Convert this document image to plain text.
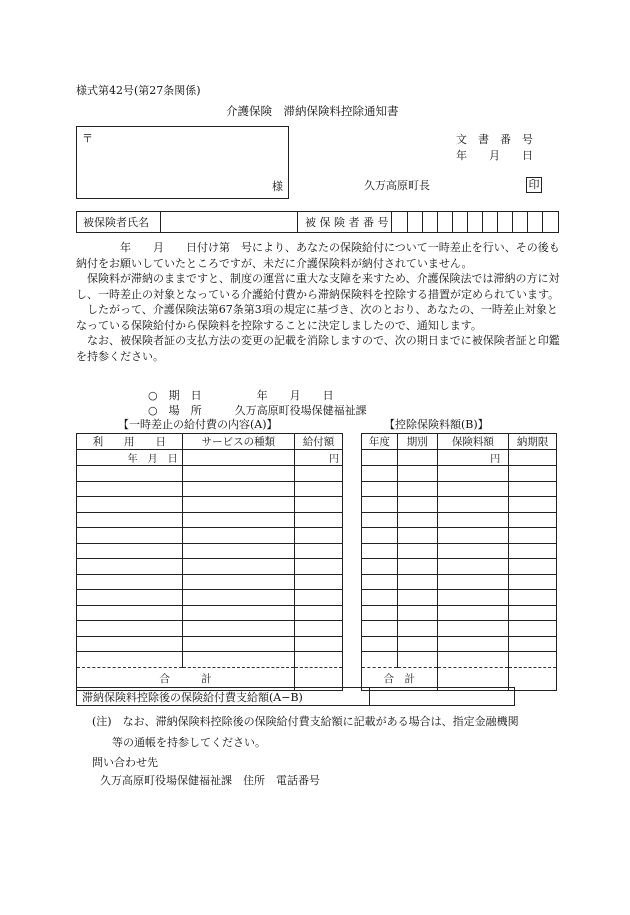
様式第42号(第27条関係)
介護保険　滞納保険料控除通知書
〒
様
文　書　番　号
年　　月　　日
久万高原町長	印
被保険者氏名	被 保 険 者 番 号

年　　月　　日付け第　号により、あなたの保険給付について一時差止を行い、その後も納付をお願いしていたところですが、未だに介護保険料が納付されていません。

保険料が滞納のままですと、制度の運営に重大な支障を来すため、介護保険法では滞納の方に対し、一時差止の対象となっている介護給付費から滞納保険料を控除する措置が定められています。

したがって、介護保険法第67条第3項の規定に基づき、次のとおり、あなたの、一時差止対象となっている保険給付から保険料を控除することに決定しましたので、通知します。

なお、被保険者証の支払方法の変更の記載を消除しますので、次の期日までに被保険者証と印鑑を持参ください。

○　期　日　　　　　年　　月　　日
○　場　所　　　久万高原町役場保健福祉課
【一時差止の給付費の内容(A)】	【控除保険料額(B)】
利　　用　　日	サービスの種類	給付額
年　月　日		円

合　　　計		
年度	期別	保険料額	納期限
		円	

合　計			
滞納保険料控除後の保険給付費支給額(A−B)
(注)　なお、滞納保険料控除後の保険給付費支給額に記載がある場合は、指定金融機関
等の通帳を持参してください。
問い合わせ先
久万高原町役場保健福祉課　住所　電話番号
